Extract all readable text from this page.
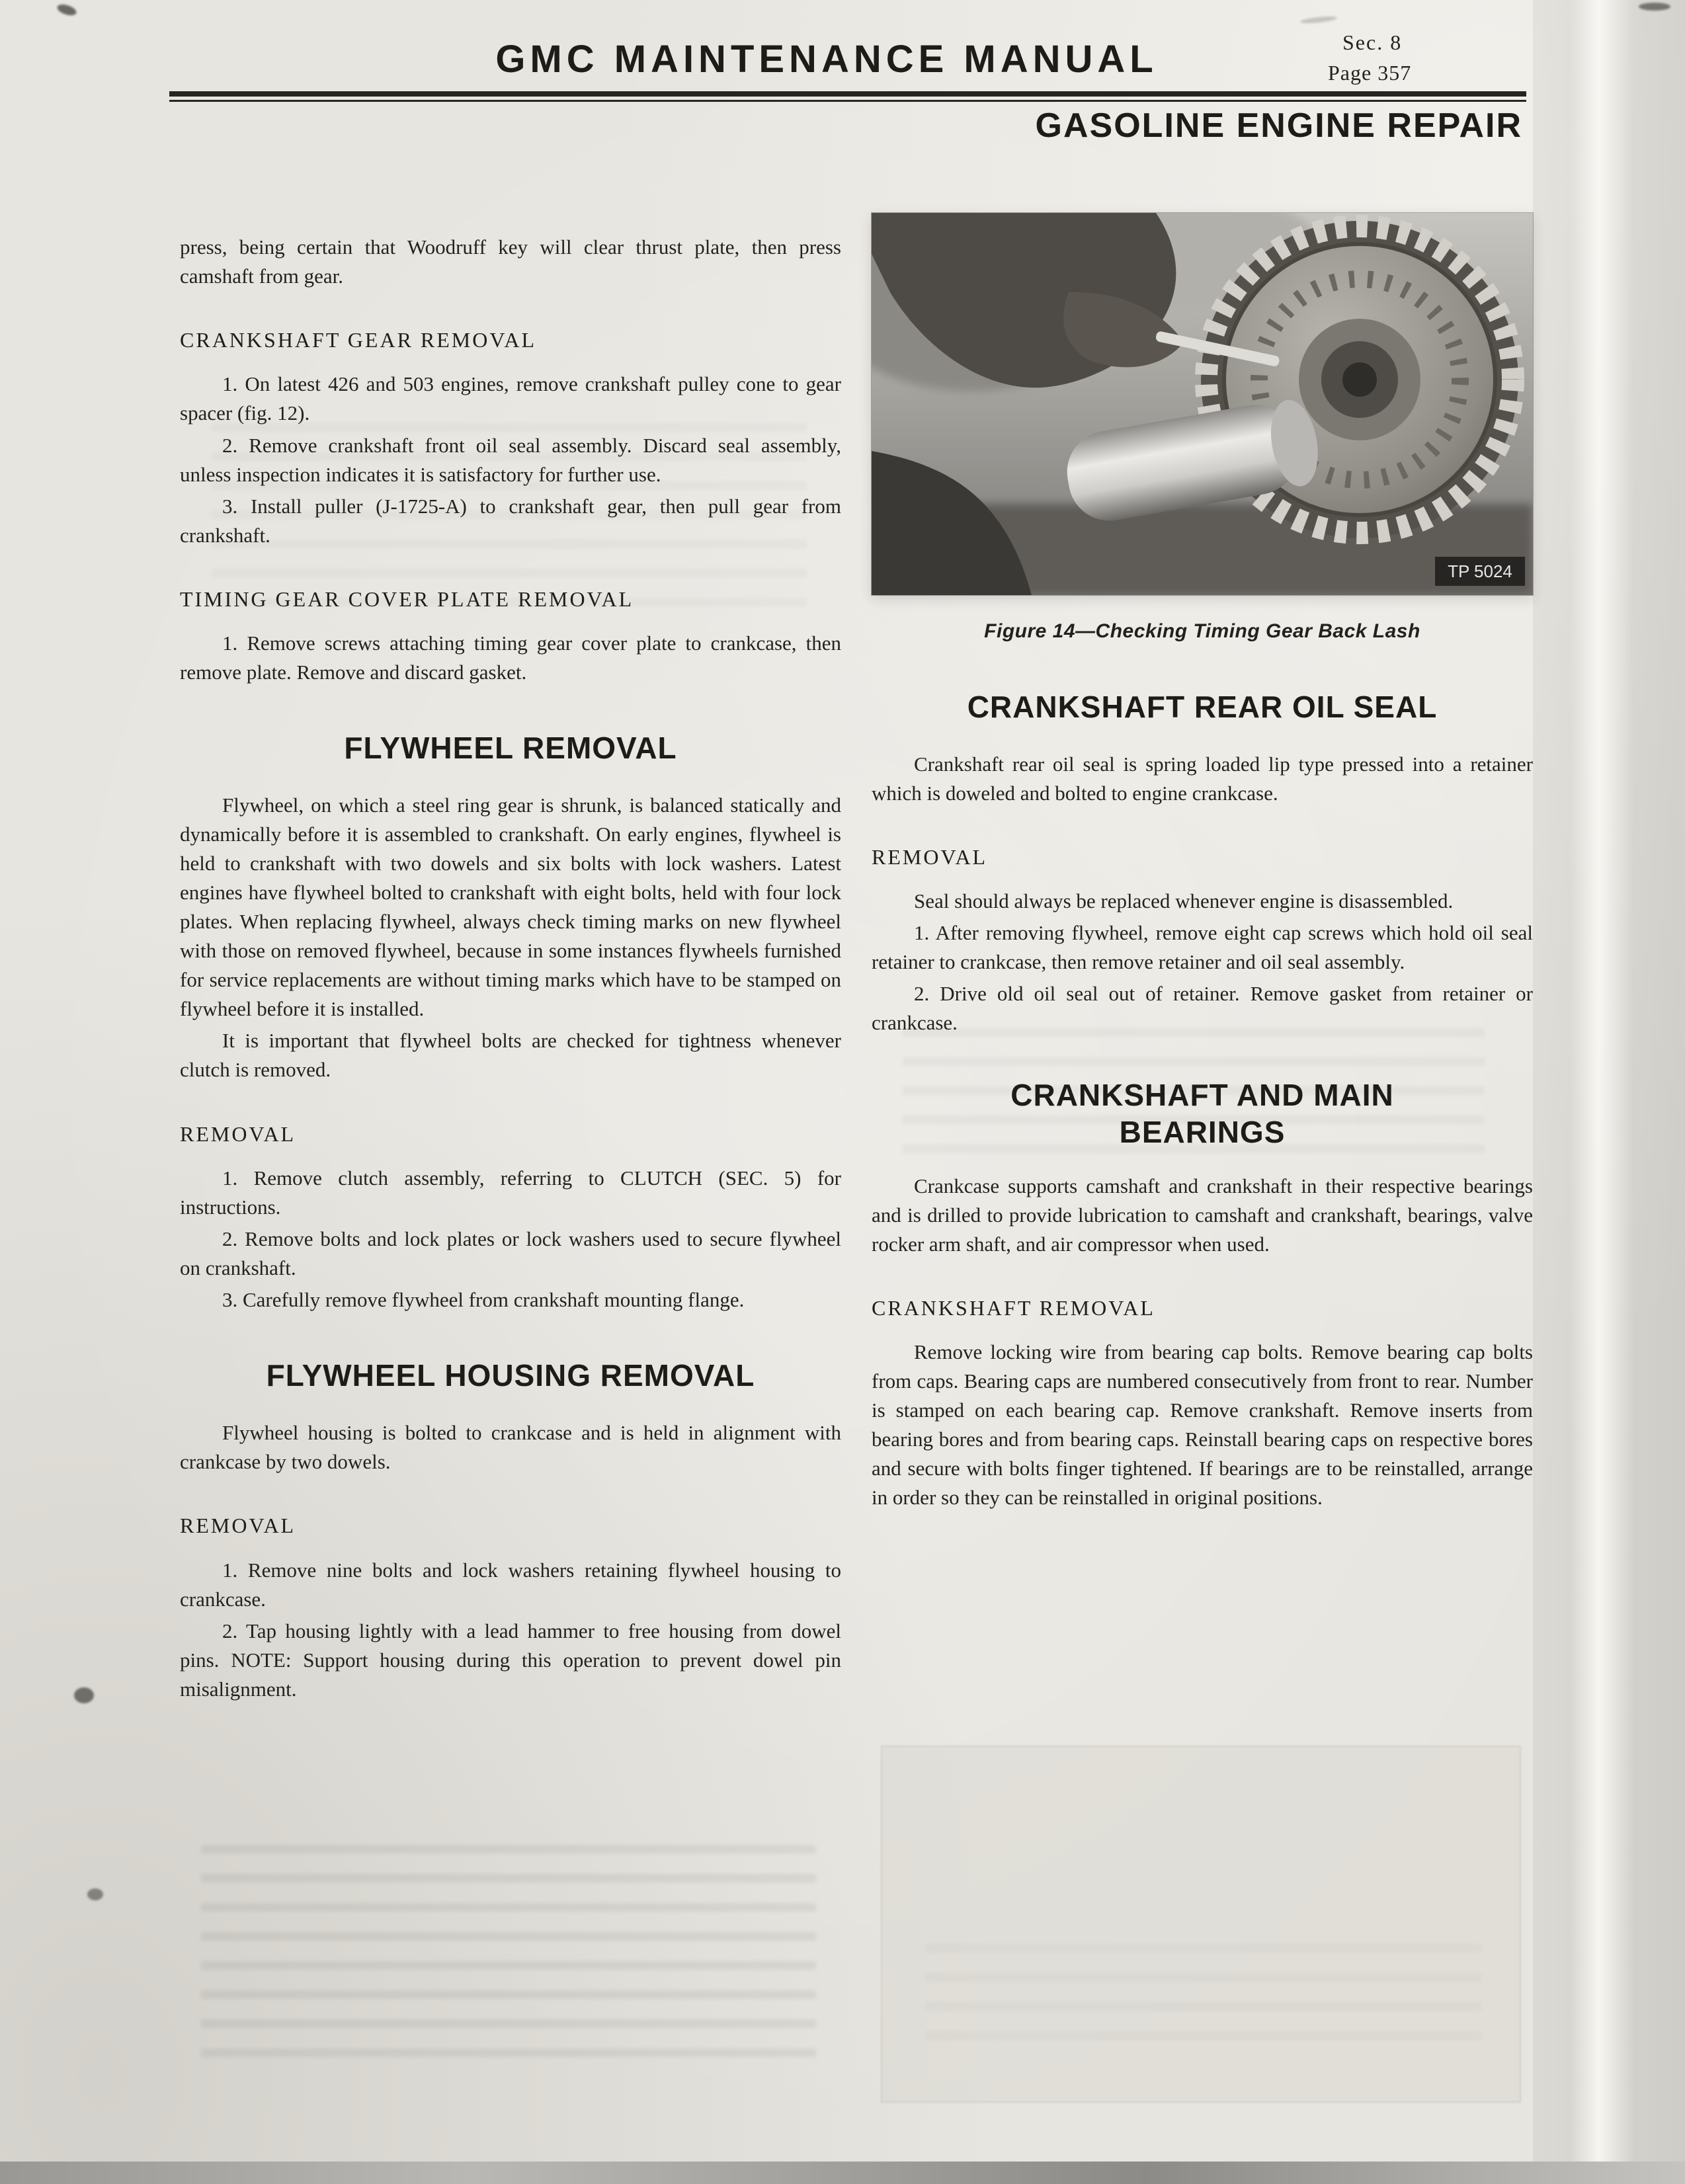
Sec. 8
Page 357
GMC MAINTENANCE MANUAL
GASOLINE ENGINE REPAIR

press, being certain that Woodruff key will clear thrust plate, then press camshaft from gear.

CRANKSHAFT GEAR REMOVAL

1. On latest 426 and 503 engines, remove crankshaft pulley cone to gear spacer (fig. 12).

2. Remove crankshaft front oil seal assembly. Discard seal assembly, unless inspection indicates it is satisfactory for further use.

3. Install puller (J-1725-A) to crankshaft gear, then pull gear from crankshaft.

TIMING GEAR COVER PLATE REMOVAL

1. Remove screws attaching timing gear cover plate to crankcase, then remove plate. Remove and discard gasket.

FLYWHEEL REMOVAL

Flywheel, on which a steel ring gear is shrunk, is balanced statically and dynamically before it is assembled to crankshaft. On early engines, flywheel is held to crankshaft with two dowels and six bolts with lock washers. Latest engines have flywheel bolted to crankshaft with eight bolts, held with four lock plates. When replacing flywheel, always check timing marks on new flywheel with those on removed flywheel, because in some instances flywheels furnished for service replacements are without timing marks which have to be stamped on flywheel before it is installed.

It is important that flywheel bolts are checked for tightness whenever clutch is removed.

REMOVAL

1. Remove clutch assembly, referring to CLUTCH (SEC. 5) for instructions.

2. Remove bolts and lock plates or lock washers used to secure flywheel on crankshaft.

3. Carefully remove flywheel from crankshaft mounting flange.

FLYWHEEL HOUSING REMOVAL

Flywheel housing is bolted to crankcase and is held in alignment with crankcase by two dowels.

REMOVAL

1. Remove nine bolts and lock washers retaining flywheel housing to crankcase.

2. Tap housing lightly with a lead hammer to free housing from dowel pins. NOTE: Support housing during this operation to prevent dowel pin misalignment.

TP 5024
Figure 14—Checking Timing Gear Back Lash
CRANKSHAFT REAR OIL SEAL

Crankshaft rear oil seal is spring loaded lip type pressed into a retainer which is doweled and bolted to engine crankcase.

REMOVAL

Seal should always be replaced whenever engine is disassembled.

1. After removing flywheel, remove eight cap screws which hold oil seal retainer to crankcase, then remove retainer and oil seal assembly.

2. Drive old oil seal out of retainer. Remove gasket from retainer or crankcase.

CRANKSHAFT AND MAIN BEARINGS

Crankcase supports camshaft and crankshaft in their respective bearings and is drilled to provide lubrication to camshaft and crankshaft, bearings, valve rocker arm shaft, and air compressor when used.

CRANKSHAFT REMOVAL

Remove locking wire from bearing cap bolts. Remove bearing cap bolts from caps. Bearing caps are numbered consecutively from front to rear. Number is stamped on each bearing cap. Remove crankshaft. Remove inserts from bearing bores and from bearing caps. Reinstall bearing caps on respective bores and secure with bolts finger tightened. If bearings are to be reinstalled, arrange in order so they can be reinstalled in original positions.
